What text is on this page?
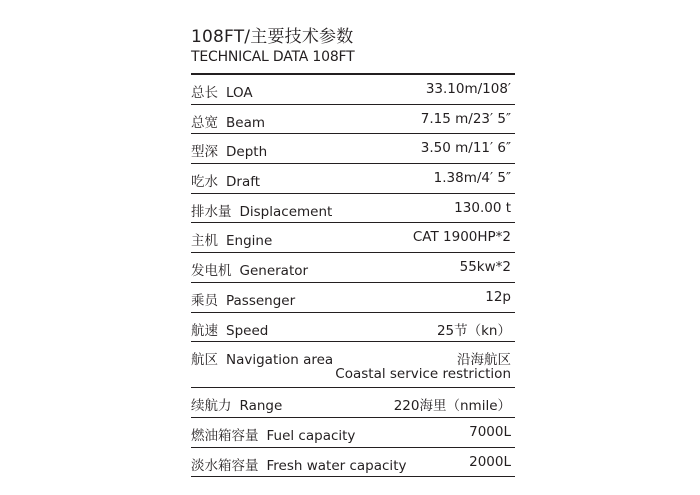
108FT/主要技术参数
TECHNICAL DATA 108FT
总长 LOA	33.10m/108′
总宽 Beam	7.15 m/23′ 5″
型深 Depth	3.50 m/11′ 6″
吃水 Draft	1.38m/4′ 5″
排水量 Displacement	130.00 t
主机 Engine	CAT 1900HP*2
发电机 Generator	55kw*2
乘员 Passenger	12p
航速 Speed	25节（kn）
航区 Navigation area	沿海航区
Coastal service restriction
续航力 Range	220海里（nmile）
燃油箱容量 Fuel capacity	7000L
淡水箱容量 Fresh water capacity	2000L
